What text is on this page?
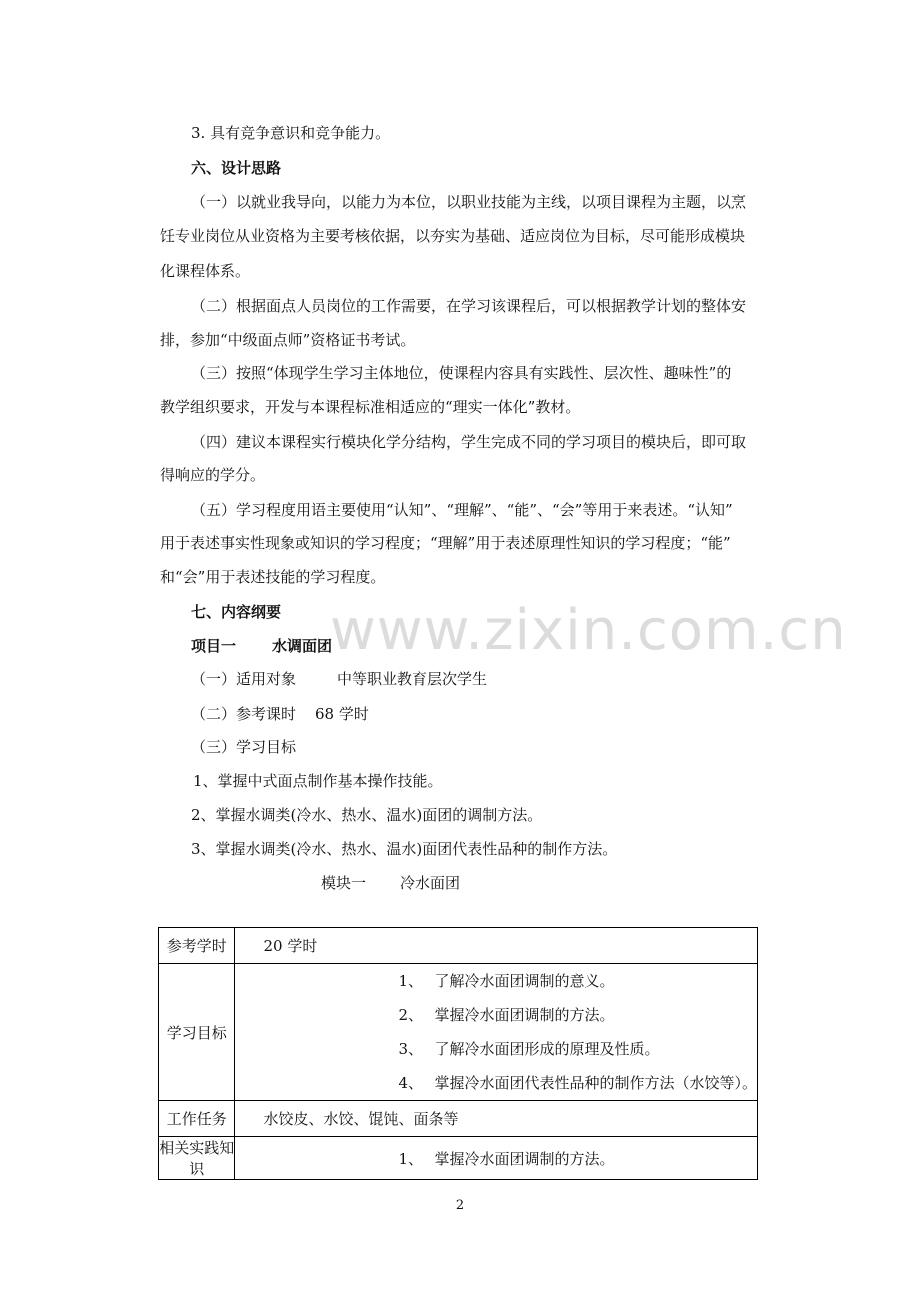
www.zixin.com.cn
3. 具有竞争意识和竞争能力。
六、设计思路
（一）以就业我导向，以能力为本位，以职业技能为主线，以项目课程为主题，以烹
饪专业岗位从业资格为主要考核依据，以夯实为基础、适应岗位为目标，尽可能形成模块
化课程体系。
（二）根据面点人员岗位的工作需要，在学习该课程后，可以根据教学计划的整体安
排，参加“中级面点师”资格证书考试。
（三）按照“体现学生学习主体地位，使课程内容具有实践性、层次性、趣味性”的
教学组织要求，开发与本课程标准相适应的“理实一体化”教材。
（四）建议本课程实行模块化学分结构，学生完成不同的学习项目的模块后，即可取
得响应的学分。
（五）学习程度用语主要使用“认知”、“理解”、“能”、“会”等用于来表述。“认知”
用于表述事实性现象或知识的学习程度；“理解”用于表述原理性知识的学习程度；“能”
和“会”用于表述技能的学习程度。
七、内容纲要
项目一 水调面团
（一）适用对象	中等职业教育层次学生
（二）参考课时 68 学时
（三）学习目标
1、掌握中式面点制作基本操作技能。
2、掌握水调类(冷水、热水、温水)面团的调制方法。
3、掌握水调类(冷水、热水、温水)面团代表性品种的制作方法。
模块一 冷水面团
参考学时	20 学时
学习目标	1、 了解冷水面团调制的意义。
2、 掌握冷水面团调制的方法。
3、 了解冷水面团形成的原理及性质。
4、 掌握冷水面团代表性品种的制作方法（水饺等）。

工作任务	水饺皮、水饺、馄饨、面条等
相关实践知识	1、 掌握冷水面团调制的方法。
2
